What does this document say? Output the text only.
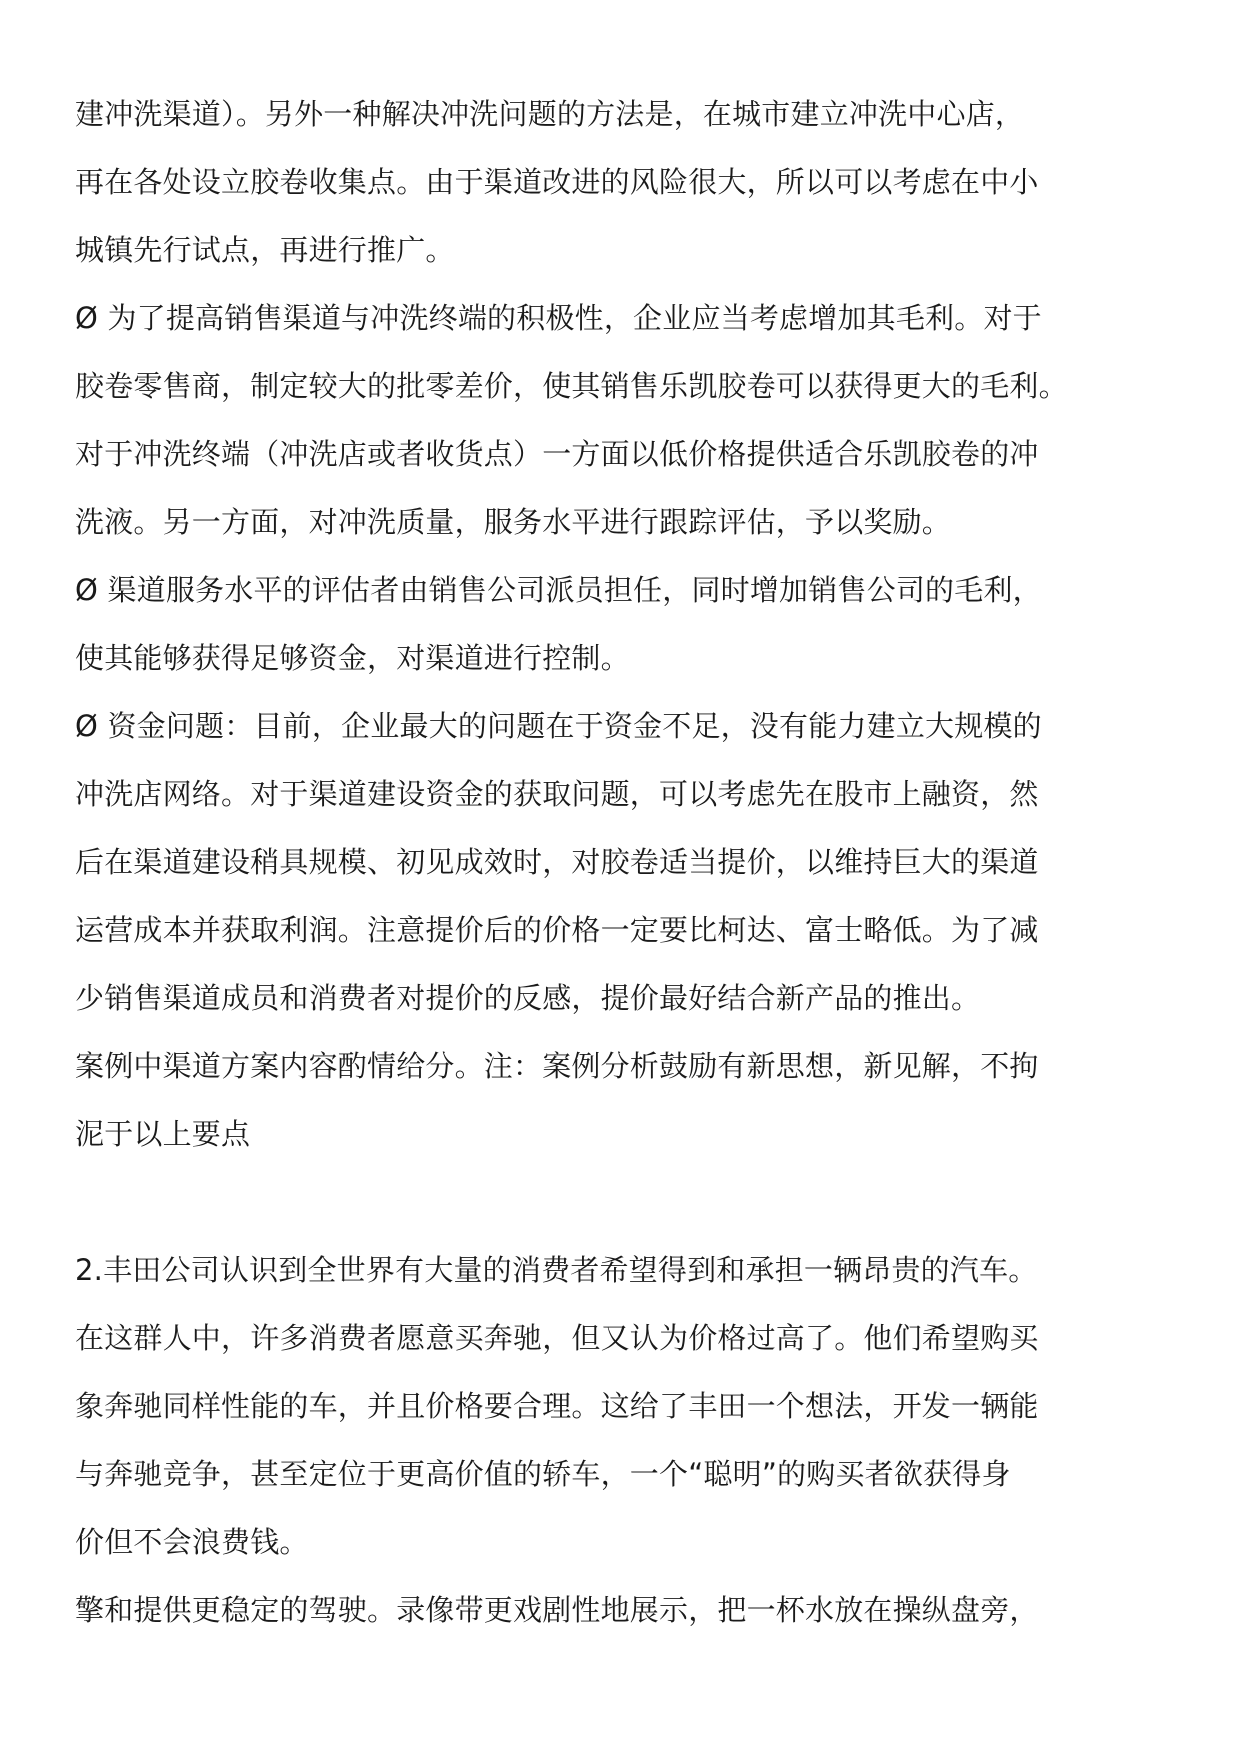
建冲洗渠道）。另外一种解决冲洗问题的方法是，在城市建立冲洗中心店，
再在各处设立胶卷收集点。由于渠道改进的风险很大，所以可以考虑在中小
城镇先行试点，再进行推广。
Ø 为了提高销售渠道与冲洗终端的积极性，企业应当考虑增加其毛利。对于
胶卷零售商，制定较大的批零差价，使其销售乐凯胶卷可以获得更大的毛利。
对于冲洗终端（冲洗店或者收货点）一方面以低价格提供适合乐凯胶卷的冲
洗液。另一方面，对冲洗质量，服务水平进行跟踪评估，予以奖励。
Ø 渠道服务水平的评估者由销售公司派员担任，同时增加销售公司的毛利，
使其能够获得足够资金，对渠道进行控制。
Ø 资金问题：目前，企业最大的问题在于资金不足，没有能力建立大规模的
冲洗店网络。对于渠道建设资金的获取问题，可以考虑先在股市上融资，然
后在渠道建设稍具规模、初见成效时，对胶卷适当提价，以维持巨大的渠道
运营成本并获取利润。注意提价后的价格一定要比柯达、富士略低。为了减
少销售渠道成员和消费者对提价的反感，提价最好结合新产品的推出。
案例中渠道方案内容酌情给分。注：案例分析鼓励有新思想，新见解，不拘
泥于以上要点
2.丰田公司认识到全世界有大量的消费者希望得到和承担一辆昂贵的汽车。
在这群人中，许多消费者愿意买奔驰，但又认为价格过高了。他们希望购买
象奔驰同样性能的车，并且价格要合理。这给了丰田一个想法，开发一辆能
与奔驰竞争，甚至定位于更高价值的轿车，一个“聪明”的购买者欲获得身
价但不会浪费钱。
擎和提供更稳定的驾驶。录像带更戏剧性地展示，把一杯水放在操纵盘旁，
